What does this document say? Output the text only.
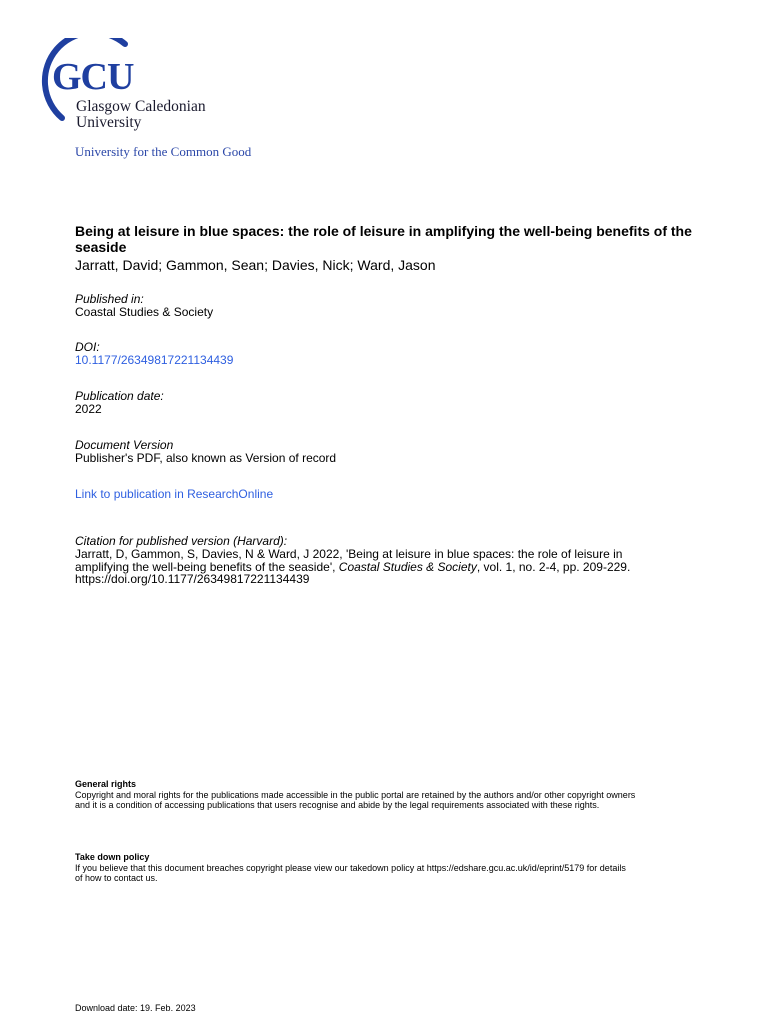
GCU
Glasgow Caledonian
University
University for the Common Good
Being at leisure in blue spaces: the role of leisure in amplifying the well-being benefits of the seaside
Jarratt, David; Gammon, Sean; Davies, Nick; Ward, Jason
Published in:
Coastal Studies & Society
DOI:
10.1177/26349817221134439
Publication date:
2022
Document Version
Publisher's PDF, also known as Version of record
Link to publication in ResearchOnline
Citation for published version (Harvard):
Jarratt, D, Gammon, S, Davies, N & Ward, J 2022, 'Being at leisure in blue spaces: the role of leisure in
amplifying the well-being benefits of the seaside', Coastal Studies & Society, vol. 1, no. 2-4, pp. 209-229.
https://doi.org/10.1177/26349817221134439
General rights
Copyright and moral rights for the publications made accessible in the public portal are retained by the authors and/or other copyright owners
and it is a condition of accessing publications that users recognise and abide by the legal requirements associated with these rights.
Take down policy
If you believe that this document breaches copyright please view our takedown policy at https://edshare.gcu.ac.uk/id/eprint/5179 for details
of how to contact us.
Download date: 19. Feb. 2023
